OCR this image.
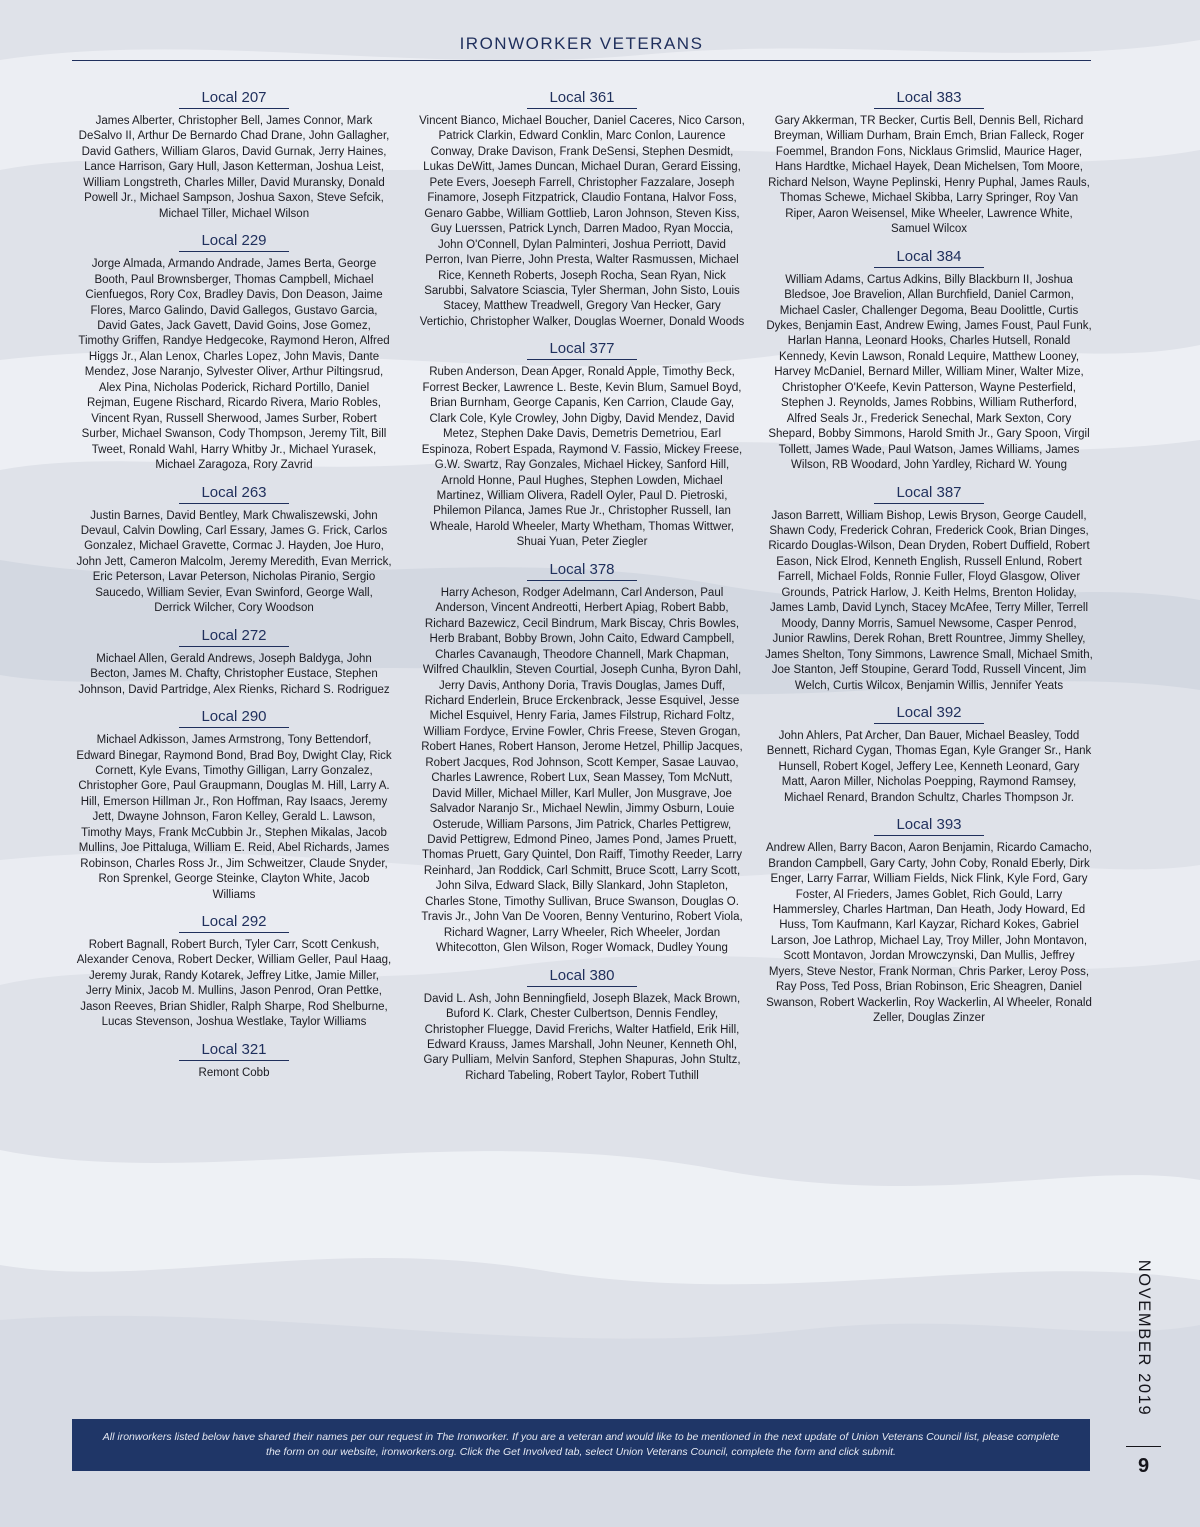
IRONWORKER VETERANS
Local 207

James Alberter, Christopher Bell, James Connor, Mark DeSalvo II, Arthur De Bernardo Chad Drane, John Gallagher, David Gathers, William Glaros, David Gurnak, Jerry Haines, Lance Harrison, Gary Hull, Jason Ketterman, Joshua Leist, William Longstreth, Charles Miller, David Muransky, Donald Powell Jr., Michael Sampson, Joshua Saxon, Steve Sefcik, Michael Tiller, Michael Wilson

Local 229

Jorge Almada, Armando Andrade, James Berta, George Booth, Paul Brownsberger, Thomas Campbell, Michael Cienfuegos, Rory Cox, Bradley Davis, Don Deason, Jaime Flores, Marco Galindo, David Gallegos, Gustavo Garcia, David Gates, Jack Gavett, David Goins, Jose Gomez, Timothy Griffen, Randye Hedgecoke, Raymond Heron, Alfred Higgs Jr., Alan Lenox, Charles Lopez, John Mavis, Dante Mendez, Jose Naranjo, Sylvester Oliver, Arthur Piltingsrud, Alex Pina, Nicholas Poderick, Richard Portillo, Daniel Rejman, Eugene Rischard, Ricardo Rivera, Mario Robles, Vincent Ryan, Russell Sherwood, James Surber, Robert Surber, Michael Swanson, Cody Thompson, Jeremy Tilt, Bill Tweet, Ronald Wahl, Harry Whitby Jr., Michael Yurasek, Michael Zaragoza, Rory Zavrid

Local 263

Justin Barnes, David Bentley, Mark Chwaliszewski, John Devaul, Calvin Dowling, Carl Essary, James G. Frick, Carlos Gonzalez, Michael Gravette, Cormac J. Hayden, Joe Huro, John Jett, Cameron Malcolm, Jeremy Meredith, Evan Merrick, Eric Peterson, Lavar Peterson, Nicholas Piranio, Sergio Saucedo, William Sevier, Evan Swinford, George Wall, Derrick Wilcher, Cory Woodson

Local 272

Michael Allen, Gerald Andrews, Joseph Baldyga, John Becton, James M. Chafty, Christopher Eustace, Stephen Johnson, David Partridge, Alex Rienks, Richard S. Rodriguez

Local 290

Michael Adkisson, James Armstrong, Tony Bettendorf, Edward Binegar, Raymond Bond, Brad Boy, Dwight Clay, Rick Cornett, Kyle Evans, Timothy Gilligan, Larry Gonzalez, Christopher Gore, Paul Graupmann, Douglas M. Hill, Larry A. Hill, Emerson Hillman Jr., Ron Hoffman, Ray Isaacs, Jeremy Jett, Dwayne Johnson, Faron Kelley, Gerald L. Lawson, Timothy Mays, Frank McCubbin Jr., Stephen Mikalas, Jacob Mullins, Joe Pittaluga, William E. Reid, Abel Richards, James Robinson, Charles Ross Jr., Jim Schweitzer, Claude Snyder, Ron Sprenkel, George Steinke, Clayton White, Jacob Williams

Local 292

Robert Bagnall, Robert Burch, Tyler Carr, Scott Cenkush, Alexander Cenova, Robert Decker, William Geller, Paul Haag, Jeremy Jurak, Randy Kotarek, Jeffrey Litke, Jamie Miller, Jerry Minix, Jacob M. Mullins, Jason Penrod, Oran Pettke, Jason Reeves, Brian Shidler, Ralph Sharpe, Rod Shelburne, Lucas Stevenson, Joshua Westlake, Taylor Williams

Local 321

Remont Cobb

Local 361

Vincent Bianco, Michael Boucher, Daniel Caceres, Nico Carson, Patrick Clarkin, Edward Conklin, Marc Conlon, Laurence Conway, Drake Davison, Frank DeSensi, Stephen Desmidt, Lukas DeWitt, James Duncan, Michael Duran, Gerard Eissing, Pete Evers, Joeseph Farrell, Christopher Fazzalare, Joseph Finamore, Joseph Fitzpatrick, Claudio Fontana, Halvor Foss, Genaro Gabbe, William Gottlieb, Laron Johnson, Steven Kiss, Guy Luerssen, Patrick Lynch, Darren Madoo, Ryan Moccia, John O'Connell, Dylan Palminteri, Joshua Perriott, David Perron, Ivan Pierre, John Presta, Walter Rasmussen, Michael Rice, Kenneth Roberts, Joseph Rocha, Sean Ryan, Nick Sarubbi, Salvatore Sciascia, Tyler Sherman, John Sisto, Louis Stacey, Matthew Treadwell, Gregory Van Hecker, Gary Vertichio, Christopher Walker, Douglas Woerner, Donald Woods

Local 377

Ruben Anderson, Dean Apger, Ronald Apple, Timothy Beck, Forrest Becker, Lawrence L. Beste, Kevin Blum, Samuel Boyd, Brian Burnham, George Capanis, Ken Carrion, Claude Gay, Clark Cole, Kyle Crowley, John Digby, David Mendez, David Metez, Stephen Dake Davis, Demetris Demetriou, Earl Espinoza, Robert Espada, Raymond V. Fassio, Mickey Freese, G.W. Swartz, Ray Gonzales, Michael Hickey, Sanford Hill, Arnold Honne, Paul Hughes, Stephen Lowden, Michael Martinez, William Olivera, Radell Oyler, Paul D. Pietroski, Philemon Pilanca, James Rue Jr., Christopher Russell, Ian Wheale, Harold Wheeler, Marty Whetham, Thomas Wittwer, Shuai Yuan, Peter Ziegler

Local 378

Harry Acheson, Rodger Adelmann, Carl Anderson, Paul Anderson, Vincent Andreotti, Herbert Apiag, Robert Babb, Richard Bazewicz, Cecil Bindrum, Mark Biscay, Chris Bowles, Herb Brabant, Bobby Brown, John Caito, Edward Campbell, Charles Cavanaugh, Theodore Channell, Mark Chapman, Wilfred Chaulklin, Steven Courtial, Joseph Cunha, Byron Dahl, Jerry Davis, Anthony Doria, Travis Douglas, James Duff, Richard Enderlein, Bruce Erckenbrack, Jesse Esquivel, Jesse Michel Esquivel, Henry Faria, James Filstrup, Richard Foltz, William Fordyce, Ervine Fowler, Chris Freese, Steven Grogan, Robert Hanes, Robert Hanson, Jerome Hetzel, Phillip Jacques, Robert Jacques, Rod Johnson, Scott Kemper, Sasae Lauvao, Charles Lawrence, Robert Lux, Sean Massey, Tom McNutt, David Miller, Michael Miller, Karl Muller, Jon Musgrave, Joe Salvador Naranjo Sr., Michael Newlin, Jimmy Osburn, Louie Osterude, William Parsons, Jim Patrick, Charles Pettigrew, David Pettigrew, Edmond Pineo, James Pond, James Pruett, Thomas Pruett, Gary Quintel, Don Raiff, Timothy Reeder, Larry Reinhard, Jan Roddick, Carl Schmitt, Bruce Scott, Larry Scott, John Silva, Edward Slack, Billy Slankard, John Stapleton, Charles Stone, Timothy Sullivan, Bruce Swanson, Douglas O. Travis Jr., John Van De Vooren, Benny Venturino, Robert Viola, Richard Wagner, Larry Wheeler, Rich Wheeler, Jordan Whitecotton, Glen Wilson, Roger Womack, Dudley Young

Local 380

David L. Ash, John Benningfield, Joseph Blazek, Mack Brown, Buford K. Clark, Chester Culbertson, Dennis Fendley, Christopher Fluegge, David Frerichs, Walter Hatfield, Erik Hill, Edward Krauss, James Marshall, John Neuner, Kenneth Ohl, Gary Pulliam, Melvin Sanford, Stephen Shapuras, John Stultz, Richard Tabeling, Robert Taylor, Robert Tuthill

Local 383

Gary Akkerman, TR Becker, Curtis Bell, Dennis Bell, Richard Breyman, William Durham, Brain Emch, Brian Falleck, Roger Foemmel, Brandon Fons, Nicklaus Grimslid, Maurice Hager, Hans Hardtke, Michael Hayek, Dean Michelsen, Tom Moore, Richard Nelson, Wayne Peplinski, Henry Puphal, James Rauls, Thomas Schewe, Michael Skibba, Larry Springer, Roy Van Riper, Aaron Weisensel, Mike Wheeler, Lawrence White, Samuel Wilcox

Local 384

William Adams, Cartus Adkins, Billy Blackburn II, Joshua Bledsoe, Joe Bravelion, Allan Burchfield, Daniel Carmon, Michael Casler, Challenger Degoma, Beau Doolittle, Curtis Dykes, Benjamin East, Andrew Ewing, James Foust, Paul Funk, Harlan Hanna, Leonard Hooks, Charles Hutsell, Ronald Kennedy, Kevin Lawson, Ronald Lequire, Matthew Looney, Harvey McDaniel, Bernard Miller, William Miner, Walter Mize, Christopher O'Keefe, Kevin Patterson, Wayne Pesterfield, Stephen J. Reynolds, James Robbins, William Rutherford, Alfred Seals Jr., Frederick Senechal, Mark Sexton, Cory Shepard, Bobby Simmons, Harold Smith Jr., Gary Spoon, Virgil Tollett, James Wade, Paul Watson, James Williams, James Wilson, RB Woodard, John Yardley, Richard W. Young

Local 387

Jason Barrett, William Bishop, Lewis Bryson, George Caudell, Shawn Cody, Frederick Cohran, Frederick Cook, Brian Dinges, Ricardo Douglas-Wilson, Dean Dryden, Robert Duffield, Robert Eason, Nick Elrod, Kenneth English, Russell Enlund, Robert Farrell, Michael Folds, Ronnie Fuller, Floyd Glasgow, Oliver Grounds, Patrick Harlow, J. Keith Helms, Brenton Holiday, James Lamb, David Lynch, Stacey McAfee, Terry Miller, Terrell Moody, Danny Morris, Samuel Newsome, Casper Penrod, Junior Rawlins, Derek Rohan, Brett Rountree, Jimmy Shelley, James Shelton, Tony Simmons, Lawrence Small, Michael Smith, Joe Stanton, Jeff Stoupine, Gerard Todd, Russell Vincent, Jim Welch, Curtis Wilcox, Benjamin Willis, Jennifer Yeats

Local 392

John Ahlers, Pat Archer, Dan Bauer, Michael Beasley, Todd Bennett, Richard Cygan, Thomas Egan, Kyle Granger Sr., Hank Hunsell, Robert Kogel, Jeffery Lee, Kenneth Leonard, Gary Matt, Aaron Miller, Nicholas Poepping, Raymond Ramsey, Michael Renard, Brandon Schultz, Charles Thompson Jr.

Local 393

Andrew Allen, Barry Bacon, Aaron Benjamin, Ricardo Camacho, Brandon Campbell, Gary Carty, John Coby, Ronald Eberly, Dirk Enger, Larry Farrar, William Fields, Nick Flink, Kyle Ford, Gary Foster, Al Frieders, James Goblet, Rich Gould, Larry Hammersley, Charles Hartman, Dan Heath, Jody Howard, Ed Huss, Tom Kaufmann, Karl Kayzar, Richard Kokes, Gabriel Larson, Joe Lathrop, Michael Lay, Troy Miller, John Montavon, Scott Montavon, Jordan Mrowczynski, Dan Mullis, Jeffrey Myers, Steve Nestor, Frank Norman, Chris Parker, Leroy Poss, Ray Poss, Ted Poss, Brian Robinson, Eric Sheagren, Daniel Swanson, Robert Wackerlin, Roy Wackerlin, Al Wheeler, Ronald Zeller, Douglas Zinzer

All ironworkers listed below have shared their names per our request in The Ironworker. If you are a veteran and would like to be mentioned in the next update of Union Veterans Council list, please complete the form on our website, ironworkers.org. Click the Get Involved tab, select Union Veterans Council, complete the form and click submit.

NOVEMBER 2019
9
